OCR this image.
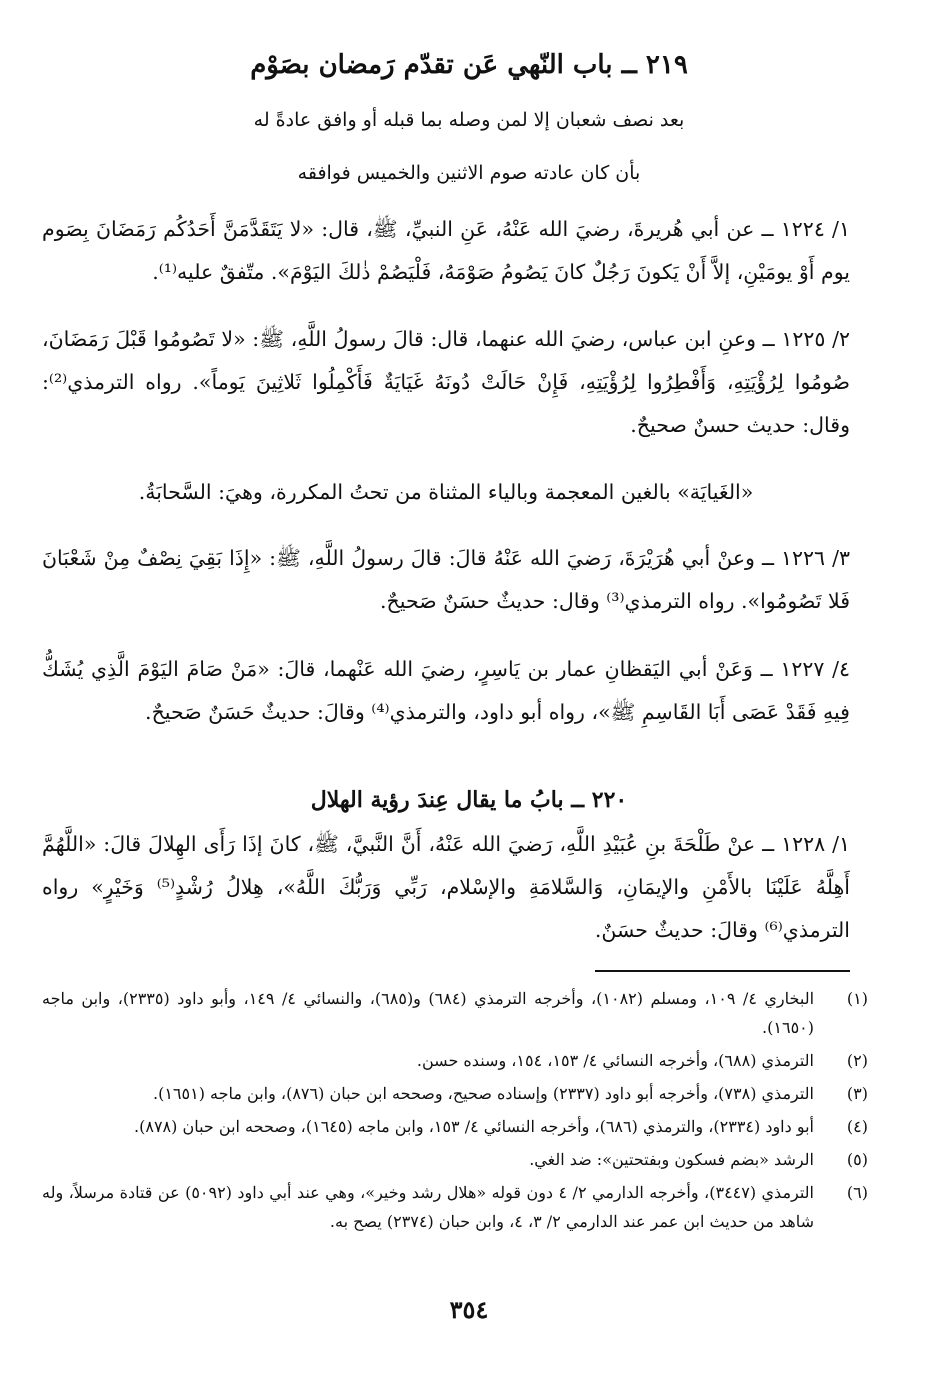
٢١٩ ــ باب النّهي عَن تقدّم رَمضان بصَوْم
بعد نصف شعبان إلا لمن وصله بما قبله أو وافق عادةً له
بأن كان عادته صوم الاثنين والخميس فوافقه
١/ ١٢٢٤ ــ عن أبي هُريرةَ، رضيَ الله عَنْهُ، عَنِ النبيِّ، ﷺ، قال: «لا يَتَقَدَّمَنَّ أَحَدُكُم رَمَضَانَ بِصَوم يوم أَوْ يومَيْنِ، إلاَّ أَنْ يَكونَ رَجُلٌ كانَ يَصُومُ صَوْمَهُ، فَلْيَصُمْ ذٰلكَ اليَوْمَ». متّفقٌ عليه⁽¹⁾.
٢/ ١٢٢٥ ــ وعنِ ابن عباس، رضيَ الله عنهما، قال: قالَ رسولُ اللَّهِ، ﷺ: «لا تَصُومُوا قَبْلَ رَمَضَانَ، صُومُوا لِرُؤْيَتِهِ، وَأَفْطِرُوا لِرُؤْيَتِهِ، فَإِنْ حَالَتْ دُونَهُ غَيَايَةٌ فَأَكْمِلُوا ثَلاثِينَ يَوماً». رواه الترمذي⁽²⁾: وقال: حديث حسنٌ صحيحٌ.
«الغَيايَة» بالغين المعجمة وبالياء المثناة من تحتُ المكررة، وهيَ: السَّحابَةُ.
٣/ ١٢٢٦ ــ وعنْ أبي هُرَيْرَةَ، رَضيَ الله عَنْهُ قالَ: قالَ رسولُ اللَّهِ، ﷺ: «إِذَا بَقِيَ نِصْفٌ مِنْ شَعْبَانَ فَلا تَصُومُوا». رواه الترمذي⁽³⁾ وقال: حديثٌ حسَنٌ صَحيحٌ.
٤/ ١٢٢٧ ــ وَعَنْ أبي اليَقظانِ عمار بن يَاسِرٍ، رضيَ الله عَنْهما، قالَ: «مَنْ صَامَ اليَوْمَ الَّذِي يُشَكُّ فِيهِ فَقَدْ عَصَى أَبَا القَاسِمِ ﷺ»، رواه أبو داود، والترمذي⁽⁴⁾ وقالَ: حديثٌ حَسَنٌ صَحيحٌ.
٢٢٠ ــ بابُ ما يقال عِندَ رؤية الهلال
١/ ١٢٢٨ ــ عنْ طَلْحَةَ بنِ عُبَيْدِ اللَّهِ، رَضيَ الله عَنْهُ، أَنَّ النَّبيَّ، ﷺ، كانَ إذَا رَأَى الهِلالَ قالَ: «اللَّهُمَّ أَهِلَّهُ عَلَيْنَا بالأَمْنِ والإيمَانِ، وَالسَّلامَةِ والإسْلام، رَبِّي وَرَبُّكَ اللَّهُ»، هِلالُ رُشْدٍ⁽⁵⁾ وَخَيْرٍ» رواه الترمذي⁽⁶⁾ وقالَ: حديثٌ حسَنٌ.
(١)
البخاري ٤/ ١٠٩، ومسلم (١٠٨٢)، وأخرجه الترمذي (٦٨٤) و(٦٨٥)، والنسائي ٤/ ١٤٩، وأبو داود (٢٣٣٥)، وابن ماجه (١٦٥٠).
(٢)
الترمذي (٦٨٨)، وأخرجه النسائي ٤/ ١٥٣، ١٥٤، وسنده حسن.
(٣)
الترمذي (٧٣٨)، وأخرجه أبو داود (٢٣٣٧) وإسناده صحيح، وصححه ابن حبان (٨٧٦)، وابن ماجه (١٦٥١).
(٤)
أبو داود (٢٣٣٤)، والترمذي (٦٨٦)، وأخرجه النسائي ٤/ ١٥٣، وابن ماجه (١٦٤٥)، وصححه ابن حبان (٨٧٨).
(٥)
الرشد «بضم فسكون وبفتحتين»: ضد الغي.
(٦)
الترمذي (٣٤٤٧)، وأخرجه الدارمي ٢/ ٤ دون قوله «هلال رشد وخير»، وهي عند أبي داود (٥٠٩٢) عن قتادة مرسلاً، وله شاهد من حديث ابن عمر عند الدارمي ٢/ ٣، ٤، وابن حبان (٢٣٧٤) يصح به.
٣٥٤
